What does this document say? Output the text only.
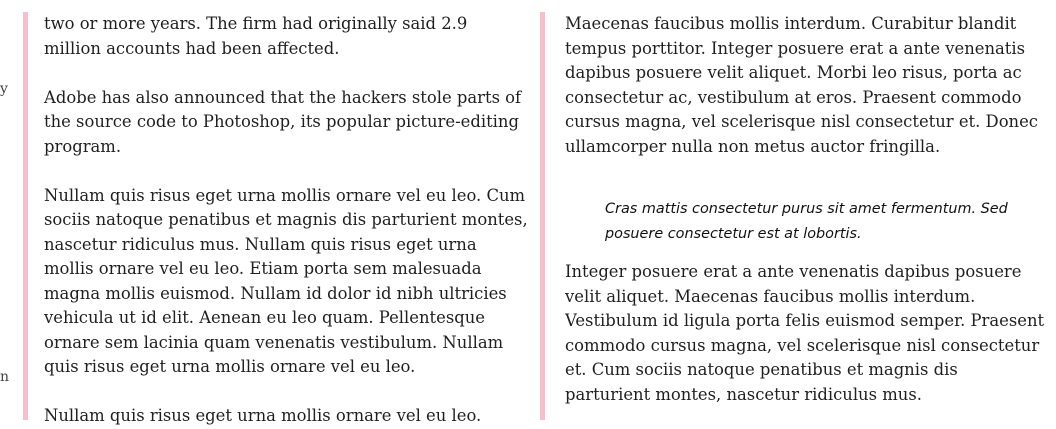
y
n

two or more years. The firm had originally said 2.9 million accounts had been affected.

Adobe has also announced that the hackers stole parts of the source code to Photoshop, its popular picture-editing program.

Nullam quis risus eget urna mollis ornare vel eu leo. Cum sociis natoque penatibus et magnis dis parturient montes, nascetur ridiculus mus. Nullam quis risus eget urna mollis ornare vel eu leo. Etiam porta sem malesuada magna mollis euismod. Nullam id dolor id nibh ultricies vehicula ut id elit. Aenean eu leo quam. Pellentesque ornare sem lacinia quam venenatis vestibulum. Nullam quis risus eget urna mollis ornare vel eu leo.

Nullam quis risus eget urna mollis ornare vel eu leo.

Maecenas faucibus mollis interdum. Curabitur blandit tempus porttitor. Integer posuere erat a ante venenatis dapibus posuere velit aliquet. Morbi leo risus, porta ac consectetur ac, vestibulum at eros. Praesent commodo cursus magna, vel scelerisque nisl consectetur et. Donec ullamcorper nulla non metus auctor fringilla.

Cras mattis consectetur purus sit amet fermentum. Sed posuere consectetur est at lobortis.

Integer posuere erat a ante venenatis dapibus posuere velit aliquet. Maecenas faucibus mollis interdum. Vestibulum id ligula porta felis euismod semper. Praesent commodo cursus magna, vel scelerisque nisl consectetur et. Cum sociis natoque penatibus et magnis dis parturient montes, nascetur ridiculus mus.
